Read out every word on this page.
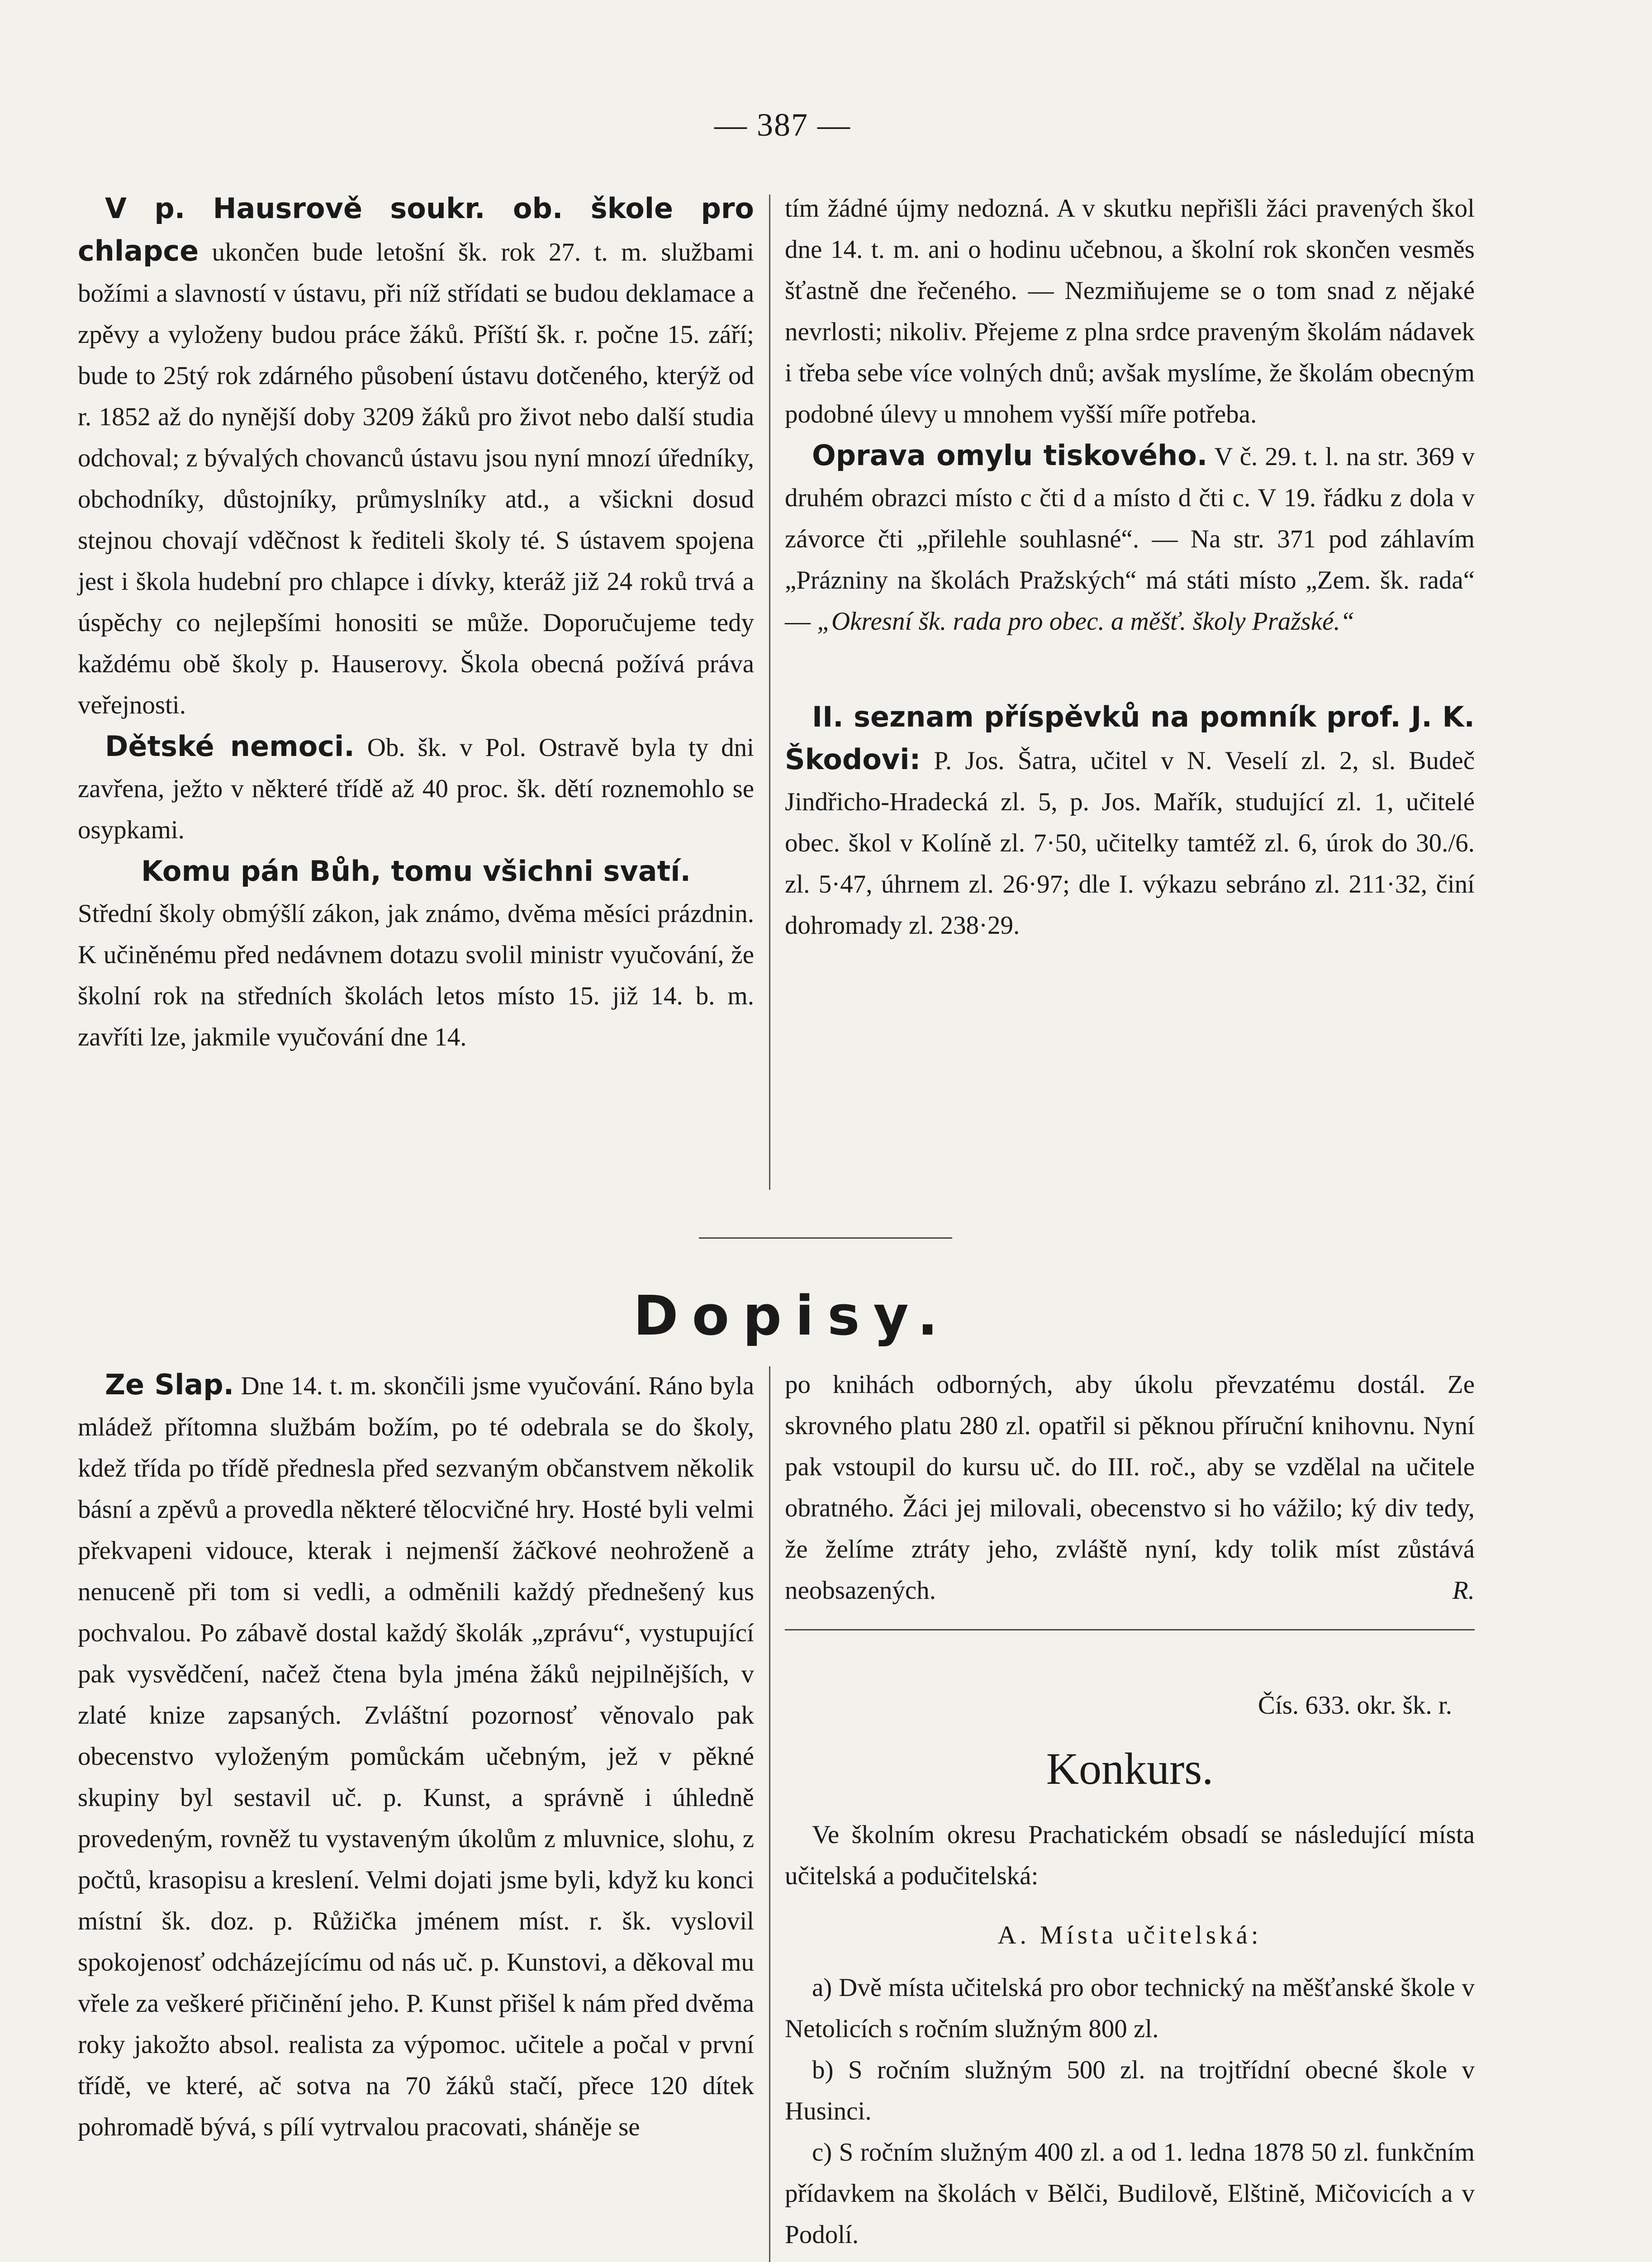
— 387 —

V p. Hausrově soukr. ob. škole pro chlapce ukončen bude letošní šk. rok 27. t. m. službami božími a slavností v ústavu, při níž střídati se budou deklamace a zpěvy a vyloženy budou práce žáků. Příští šk. r. počne 15. září; bude to 25tý rok zdárného působení ústavu dotčeného, kterýž od r. 1852 až do nynější doby 3209 žáků pro život nebo další studia odchoval; z bývalých chovanců ústavu jsou nyní mnozí úředníky, obchodníky, důstojníky, průmyslníky atd., a všickni dosud stejnou chovají vděčnost k řediteli školy té. S ústavem spojena jest i škola hudební pro chlapce i dívky, kteráž již 24 roků trvá a úspěchy co nejlepšími honositi se může. Doporučujeme tedy každému obě školy p. Hauserovy. Škola obecná požívá práva veřejnosti.

Dětské nemoci. Ob. šk. v Pol. Ostravě byla ty dni zavřena, ježto v některé třídě až 40 proc. šk. dětí roznemohlo se osypkami.

Komu pán Bůh, tomu všichni svatí.

Střední školy obmýšlí zákon, jak známo, dvěma měsíci prázdnin. K učiněnému před nedávnem dotazu svolil ministr vyučování, že školní rok na středních školách letos místo 15. již 14. b. m. zavříti lze, jakmile vyučování dne 14.

tím žádné újmy nedozná. A v skutku nepřišli žáci pravených škol dne 14. t. m. ani o hodinu učebnou, a školní rok skončen vesměs šťastně dne řečeného. — Nezmiňujeme se o tom snad z nějaké nevrlosti; nikoliv. Přejeme z plna srdce praveným školám nádavek i třeba sebe více volných dnů; avšak myslíme, že školám obecným podobné úlevy u mnohem vyšší míře potřeba.

Oprava omylu tiskového. V č. 29. t. l. na str. 369 v druhém obrazci místo c čti d a místo d čti c. V 19. řádku z dola v závorce čti „přilehle souhlasné“. — Na str. 371 pod záhlavím „Prázniny na školách Pražských“ má státi místo „Zem. šk. rada“ — „Okresní šk. rada pro obec. a měšť. školy Pražské.“

II. seznam příspěvků na pomník prof. J. K. Škodovi: P. Jos. Šatra, učitel v N. Veselí zl. 2, sl. Budeč Jindřicho-Hradecká zl. 5, p. Jos. Mařík, studující zl. 1, učitelé obec. škol v Kolíně zl. 7·50, učitelky tamtéž zl. 6, úrok do 30./6. zl. 5·47, úhrnem zl. 26·97; dle I. výkazu sebráno zl. 211·32, činí dohromady zl. 238·29.

Dopisy.

Ze Slap. Dne 14. t. m. skončili jsme vyučování. Ráno byla mládež přítomna službám božím, po té odebrala se do školy, kdež třída po třídě přednesla před sezvaným občanstvem několik básní a zpěvů a provedla některé tělocvičné hry. Hosté byli velmi překvapeni vidouce, kterak i nejmenší žáčkové neohroženě a nenuceně při tom si vedli, a odměnili každý přednešený kus pochvalou. Po zábavě dostal každý školák „zprávu“, vystupující pak vysvědčení, načež čtena byla jména žáků nejpilnějších, v zlaté knize zapsaných. Zvláštní pozornosť věnovalo pak obecenstvo vyloženým pomůckám učebným, jež v pěkné skupiny byl sestavil uč. p. Kunst, a správně i úhledně provedeným, rovněž tu vystaveným úkolům z mluvnice, slohu, z počtů, krasopisu a kreslení. Velmi dojati jsme byli, když ku konci místní šk. doz. p. Růžička jménem míst. r. šk. vyslovil spokojenosť odcházejícímu od nás uč. p. Kunstovi, a děkoval mu vřele za veškeré přičinění jeho. P. Kunst přišel k nám před dvěma roky jakožto absol. realista za výpomoc. učitele a počal v první třídě, ve které, ač sotva na 70 žáků stačí, přece 120 dítek pohromadě bývá, s pílí vytrvalou pracovati, sháněje se

po knihách odborných, aby úkolu převzatému dostál. Ze skrovného platu 280 zl. opatřil si pěknou příruční knihovnu. Nyní pak vstoupil do kursu uč. do III. roč., aby se vzdělal na učitele obratného. Žáci jej milovali, obecenstvo si ho vážilo; ký div tedy, že želíme ztráty jeho, zvláště nyní, kdy tolik míst zůstává neobsazených.	R.

Čís. 633. okr. šk. r.

Konkurs.

Ve školním okresu Prachatickém obsadí se následující místa učitelská a podučitelská:

A. Místa učitelská:

a) Dvě místa učitelská pro obor technický na měšťanské škole v Netolicích s ročním služným 800 zl.

b) S ročním služným 500 zl. na trojtřídní obecné škole v Husinci.

c) S ročním služným 400 zl. a od 1. ledna 1878 50 zl. funkčním přídavkem na školách v Bělči, Budilově, Elštině, Mičovicích a v Podolí.
